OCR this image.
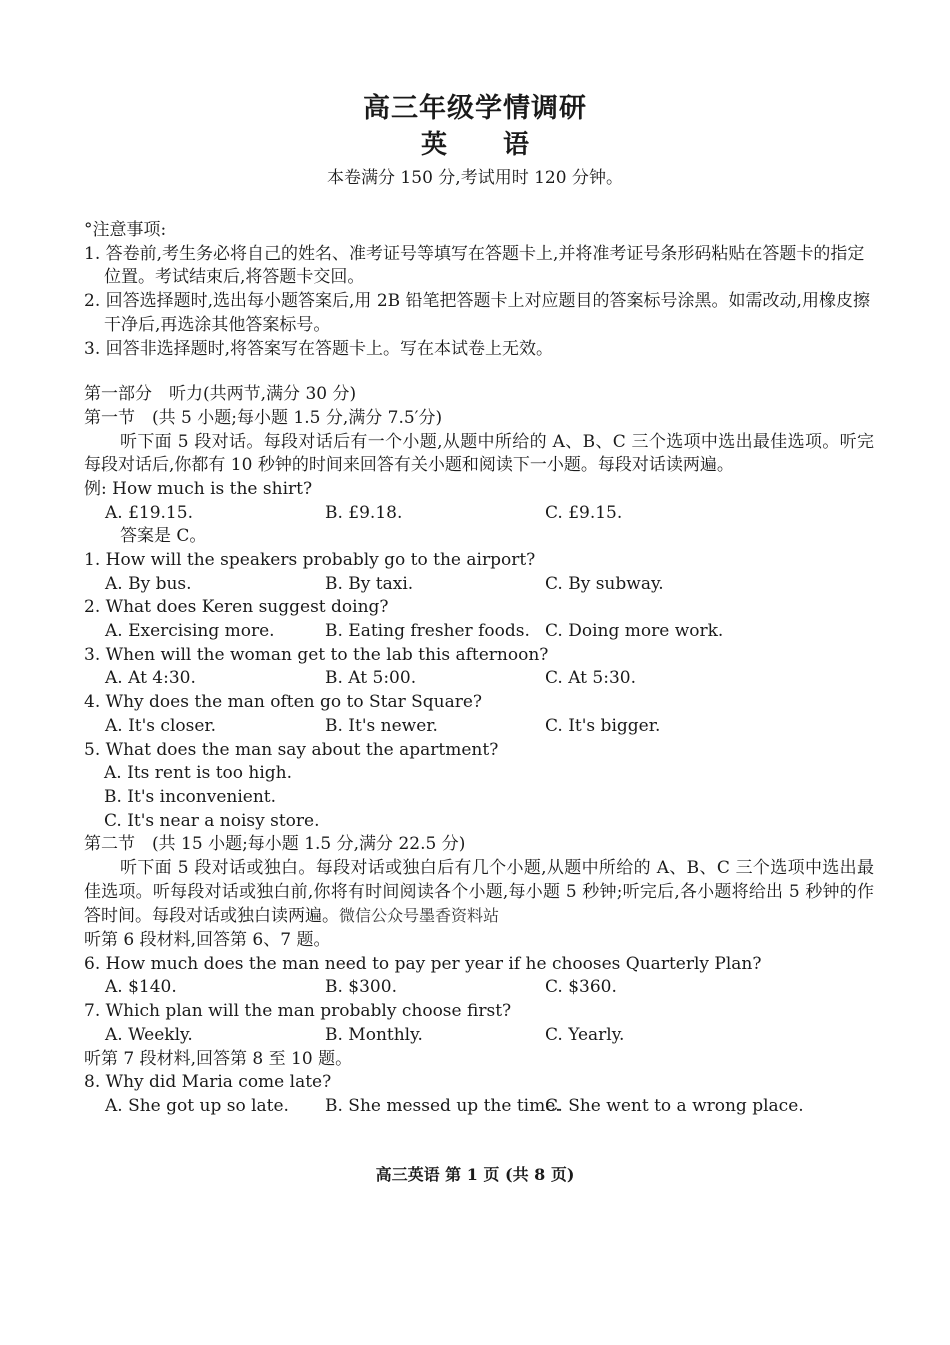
高三年级学情调研
英 语
本卷满分 150 分,考试用时 120 分钟。
°注意事项:
1. 答卷前,考生务必将自己的姓名、准考证号等填写在答题卡上,并将准考证号条形码粘贴在答题卡的指定位置。考试结束后,将答题卡交回。
2. 回答选择题时,选出每小题答案后,用 2B 铅笔把答题卡上对应题目的答案标号涂黑。如需改动,用橡皮擦干净后,再选涂其他答案标号。
3. 回答非选择题时,将答案写在答题卡上。写在本试卷上无效。
第一部分　听力(共两节,满分 30 分)
第一节　(共 5 小题;每小题 1.5 分,满分 7.5′分)
听下面 5 段对话。每段对话后有一个小题,从题中所给的 A、B、C 三个选项中选出最佳选项。听完每段对话后,你都有 10 秒钟的时间来回答有关小题和阅读下一小题。每段对话读两遍。
例: How much is the shirt?
A. £19.15.	B. £9.18.	C. £9.15.
答案是 C。
1. How will the speakers probably go to the airport?
A. By bus.	B. By taxi.	C. By subway.
2. What does Keren suggest doing?
A. Exercising more.	B. Eating fresher foods. C. Doing more work.
3. When will the woman get to the lab this afternoon?
A. At 4:30.	B. At 5:00.	C. At 5:30.
4. Why does the man often go to Star Square?
A. It's closer.	B. It's newer.	C. It's bigger.
5. What does the man say about the apartment?
A. Its rent is too high.
B. It's inconvenient.
C. It's near a noisy store.
第二节　(共 15 小题;每小题 1.5 分,满分 22.5 分)
听下面 5 段对话或独白。每段对话或独白后有几个小题,从题中所给的 A、B、C 三个选项中选出最佳选项。听每段对话或独白前,你将有时间阅读各个小题,每小题 5 秒钟;听完后,各小题将给出 5 秒钟的作答时间。每段对话或独白读两遍。微信公众号墨香资料站
听第 6 段材料,回答第 6、7 题。
6. How much does the man need to pay per year if he chooses Quarterly Plan?
A. $140.	B. $300.	C. $360.
7. Which plan will the man probably choose first?
A. Weekly.	B. Monthly.	C. Yearly.
听第 7 段材料,回答第 8 至 10 题。
8. Why did Maria come late?
A. She got up so late. B. She messed up the time.
C. She went to a wrong place.
高三英语 第 1 页 (共 8 页)
